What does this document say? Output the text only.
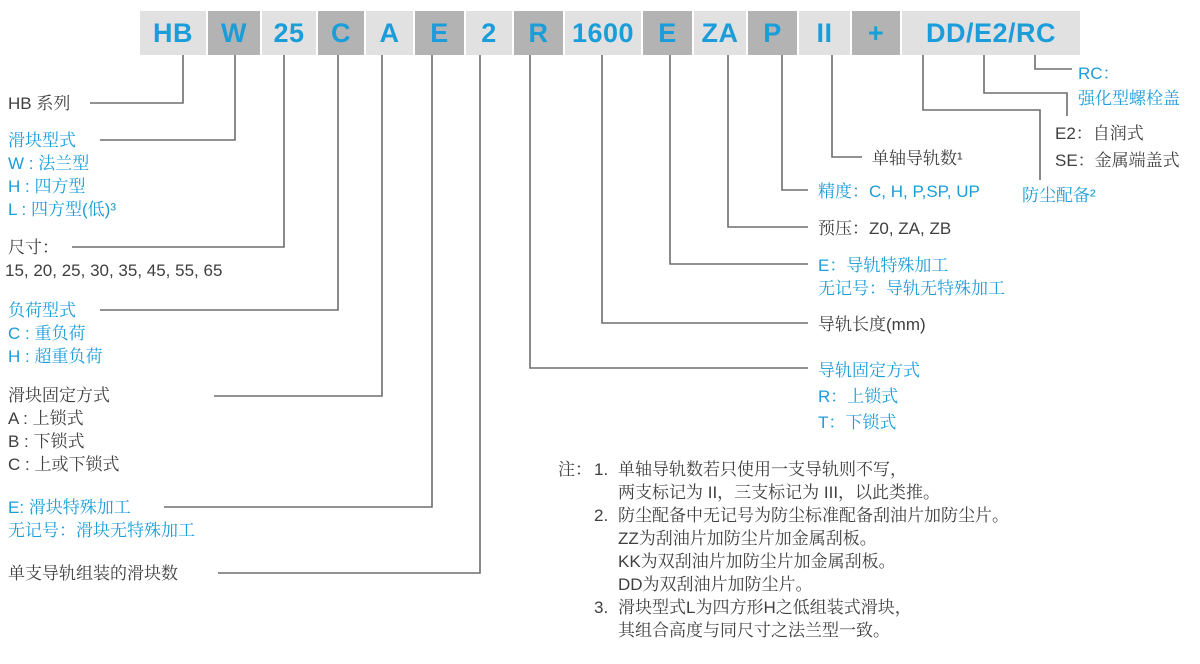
HB	W 25 C	A	E	2	R 1600 E ZA P	II	+	DD/E2/RC
HB 系列
滑块型式
W : 法兰型
H : 四方型
L : 四方型(低)³
尺寸：
15, 20, 25, 30, 35, 45, 55, 65
负荷型式
C : 重负荷
H : 超重负荷
滑块固定方式
A : 上锁式
B : 下锁式
C : 上或下锁式
E: 滑块特殊加工
无记号：滑块无特殊加工
单支导轨组装的滑块数
精度：C, H, P,SP, UP
预压：Z0, ZA, ZB
E：导轨特殊加工
无记号：导轨无特殊加工
导轨长度(mm)
导轨固定方式
R：上锁式
T：下锁式
单轴导轨数¹
防尘配备²
E2：自润式
SE：金属端盖式
RC：
强化型螺栓盖
注： 1. 单轴导轨数若只使用一支导轨则不写，
两支标记为 II，三支标记为 III，以此类推。
2. 防尘配备中无记号为防尘标准配备刮油片加防尘片。
ZZ为刮油片加防尘片加金属刮板。
KK为双刮油片加防尘片加金属刮板。
DD为双刮油片加防尘片。
3. 滑块型式L为四方形H之低组装式滑块，
其组合高度与同尺寸之法兰型一致。
